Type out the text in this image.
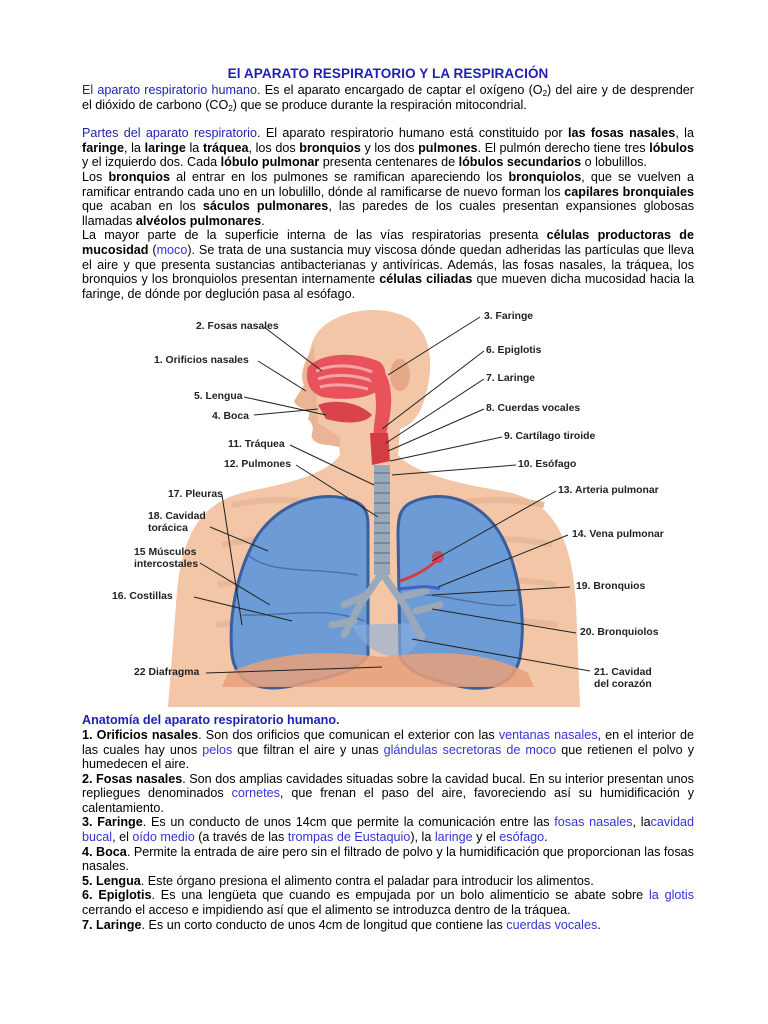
El APARATO RESPIRATORIO Y LA RESPIRACIÓN

El aparato respiratorio humano. Es el aparato encargado de captar el oxígeno $(O_2)$ del aire y de desprender el dióxido de carbono $(CO_2)$ que se produce durante la respiración mitocondrial.

Partes del aparato respiratorio. El aparato respiratorio humano está constituido por las fosas nasales, la faringe, la laringe la tráquea, los dos bronquios y los dos pulmones. El pulmón derecho tiene tres lóbulos y el izquierdo dos. Cada lóbulo pulmonar presenta centenares de lóbulos secundarios o lobulillos.

Los bronquios al entrar en los pulmones se ramifican apareciendo los bronquiolos, que se vuelven a ramificar entrando cada uno en un lobulillo, dónde al ramificarse de nuevo forman los capilares bronquiales que acaban en los sáculos pulmonares, las paredes de los cuales presentan expansiones globosas llamadas alvéolos pulmonares.

La mayor parte de la superficie interna de las vías respiratorias presenta células productoras de mucosidad (moco). Se trata de una sustancia muy viscosa dónde quedan adheridas las partículas que lleva el aire y que presenta sustancias antibacterianas y antivíricas. Además, las fosas nasales, la tráquea, los bronquios y los bronquiolos presentan internamente células ciliadas que mueven dicha mucosidad hacia la faringe, de dónde por deglución pasa al esófago.

2. Fosas nasales
1. Orificios nasales
5. Lengua
4. Boca
11. Tráquea
12. Pulmones
17. Pleuras
18. Cavidad
torácica
15 Músculos
intercostales
16. Costillas
22 Diafragma
3. Faringe
6. Epiglotis
7. Laringe
8. Cuerdas vocales
9. Cartílago tiroide
10. Esófago
13. Arteria pulmonar
14. Vena pulmonar
19. Bronquios
20. Bronquiolos
21. Cavidad
del corazón

Anatomía del aparato respiratorio humano.

1. Orificios nasales. Son dos orificios que comunican el exterior con las ventanas nasales, en el interior de las cuales hay unos pelos que filtran el aire y unas glándulas secretoras de moco que retienen el polvo y humedecen el aire.

2. Fosas nasales. Son dos amplias cavidades situadas sobre la cavidad bucal. En su interior presentan unos repliegues denominados cornetes, que frenan el paso del aire, favoreciendo así su humidificación y calentamiento.

3. Faringe. Es un conducto de unos 14cm que permite la comunicación entre las fosas nasales, lacavidad bucal, el oído medio (a través de las trompas de Eustaquio), la laringe y el esófago.

4. Boca. Permite la entrada de aire pero sin el filtrado de polvo y la humidificación que proporcionan las fosas nasales.

5. Lengua. Este órgano presiona el alimento contra el paladar para introducir los alimentos.

6. Epiglotis. Es una lengüeta que cuando es empujada por un bolo alimenticio se abate sobre la glotis cerrando el acceso e impidiendo así que el alimento se introduzca dentro de la tráquea.

7. Laringe. Es un corto conducto de unos 4cm de longitud que contiene las cuerdas vocales.
